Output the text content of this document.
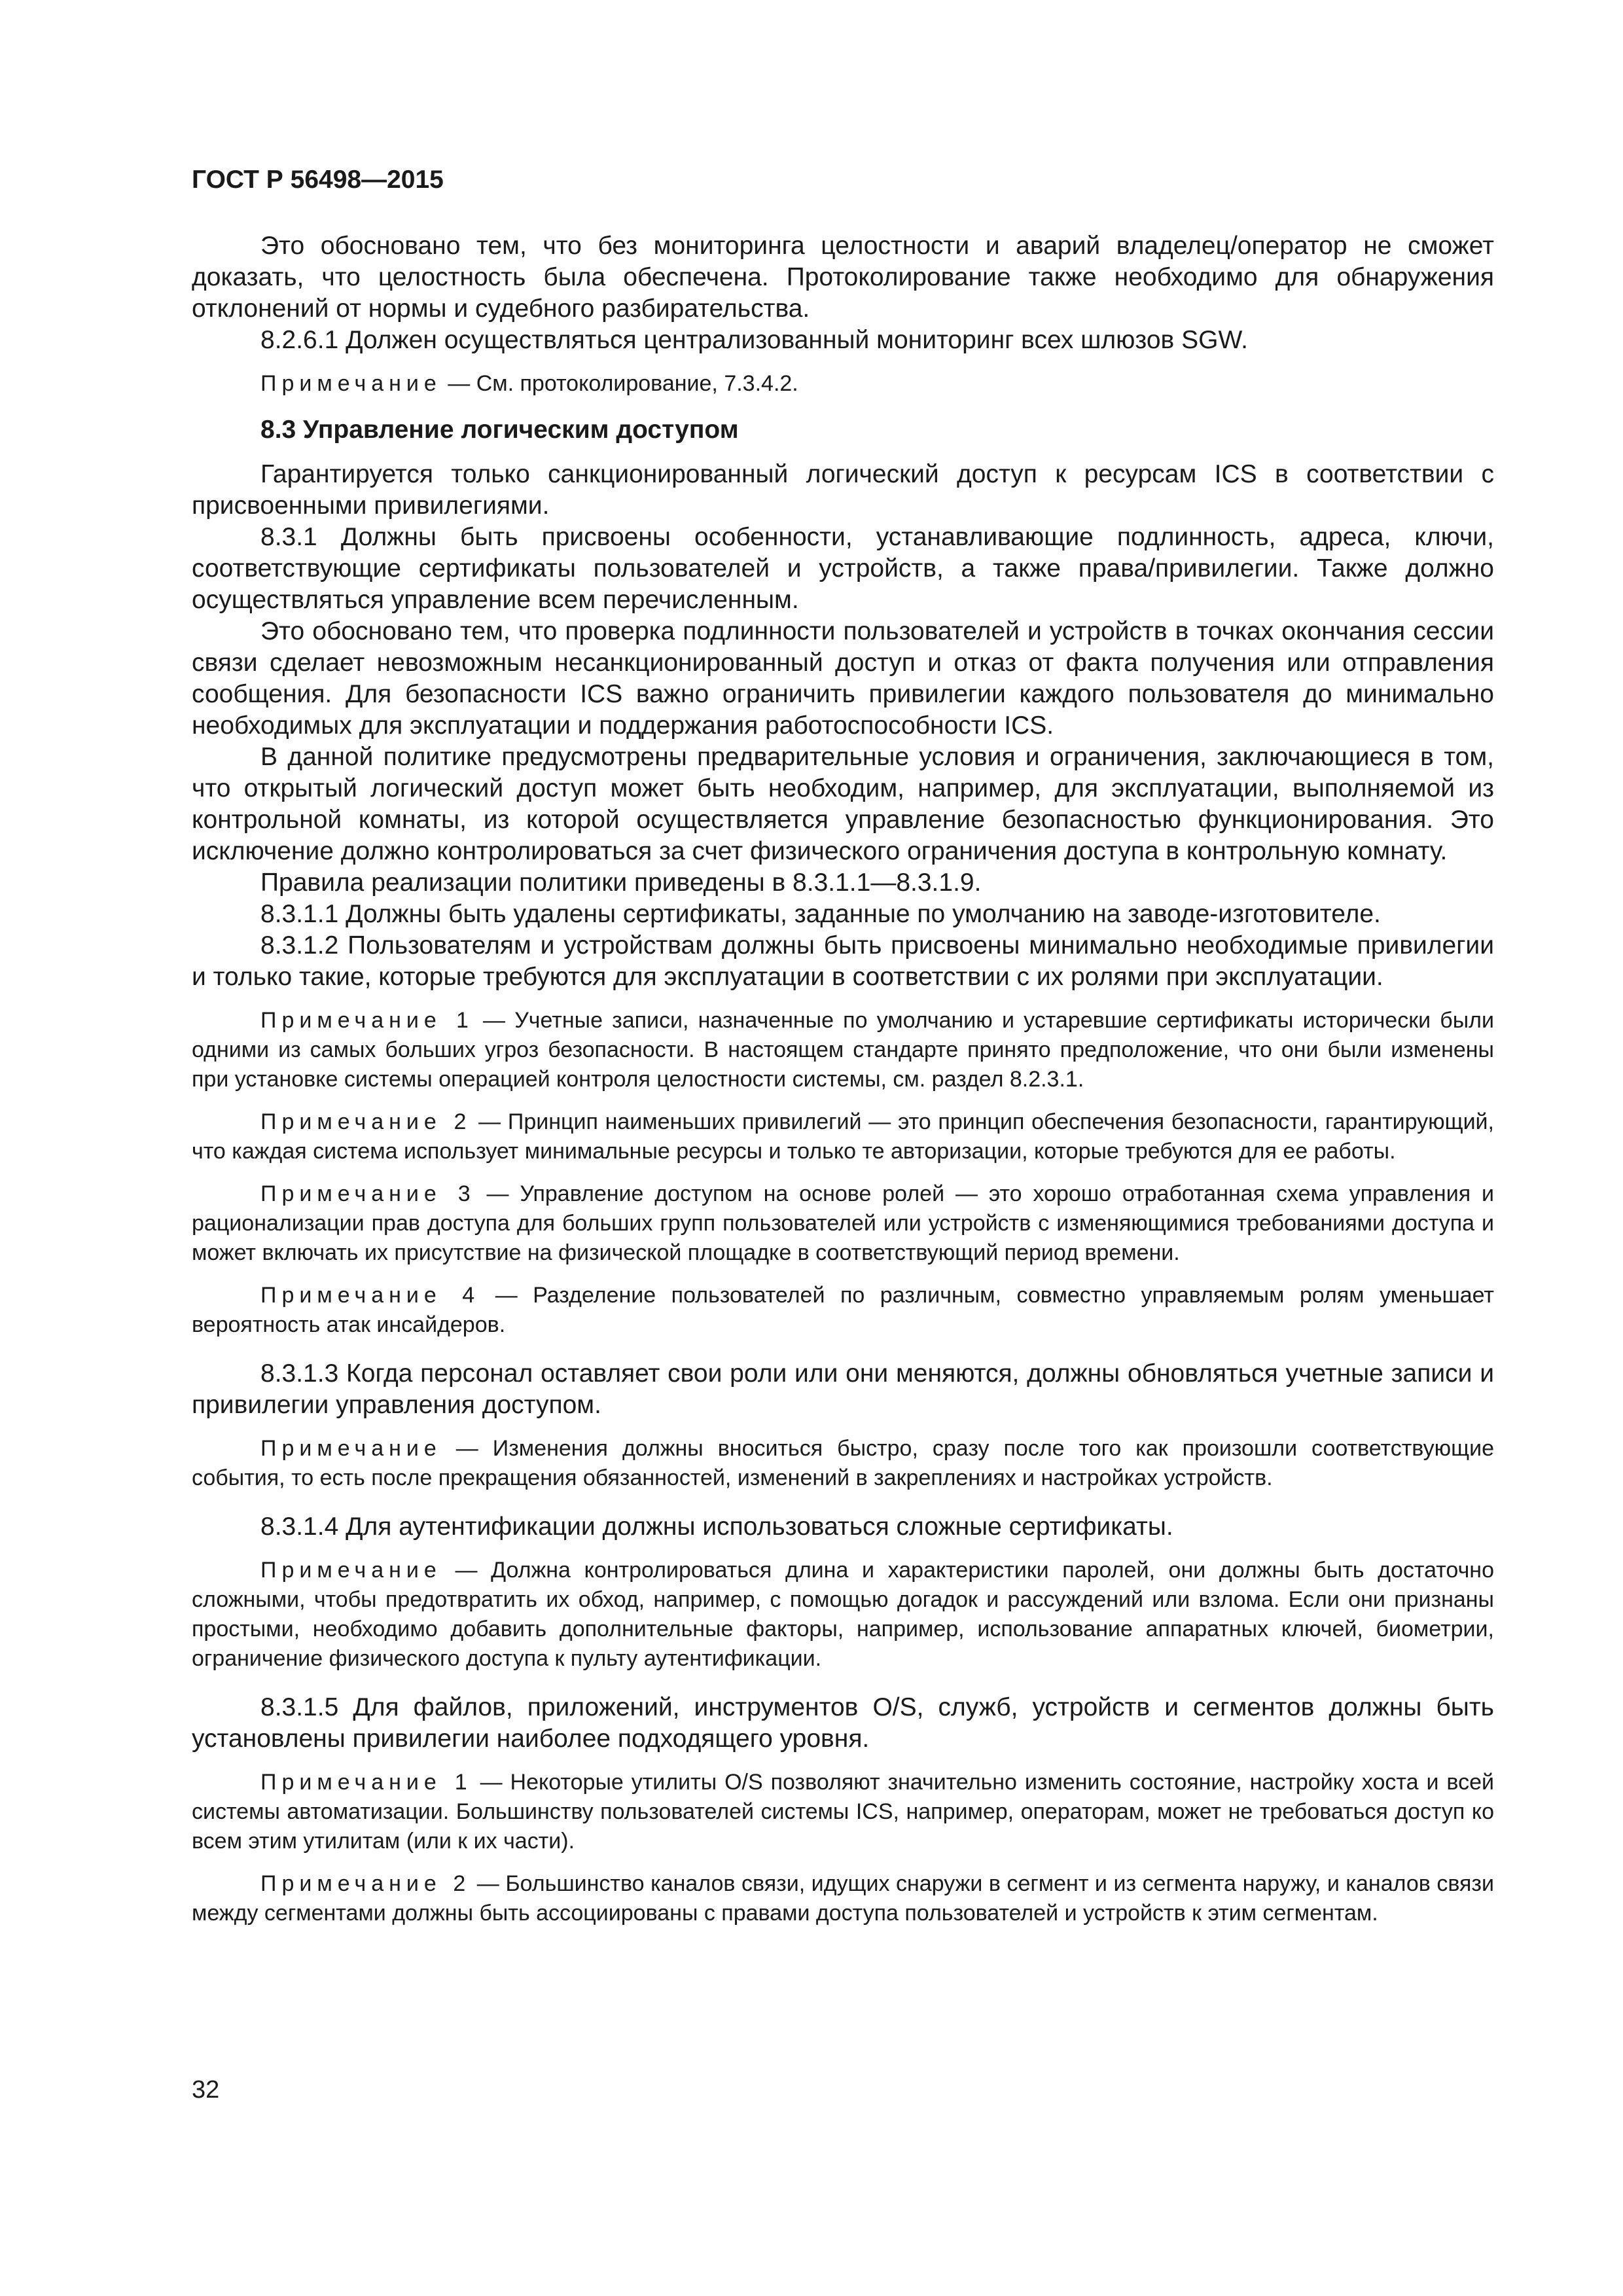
ГОСТ Р 56498—2015

Это обосновано тем, что без мониторинга целостности и аварий владелец/оператор не сможет доказать, что целостность была обеспечена. Протоколирование также необходимо для обнаружения отклонений от нормы и судебного разбирательства.

8.2.6.1 Должен осуществляться централизованный мониторинг всех шлюзов SGW.

Примечание — См. протоколирование, 7.3.4.2.

8.3 Управление логическим доступом

Гарантируется только санкционированный логический доступ к ресурсам ICS в соответствии с присвоенными привилегиями.

8.3.1 Должны быть присвоены особенности, устанавливающие подлинность, адреса, ключи, соответствующие сертификаты пользователей и устройств, а также права/привилегии. Также должно осуществляться управление всем перечисленным.

Это обосновано тем, что проверка подлинности пользователей и устройств в точках окончания сессии связи сделает невозможным несанкционированный доступ и отказ от факта получения или отправления сообщения. Для безопасности ICS важно ограничить привилегии каждого пользователя до минимально необходимых для эксплуатации и поддержания работоспособности ICS.

В данной политике предусмотрены предварительные условия и ограничения, заключающиеся в том, что открытый логический доступ может быть необходим, например, для эксплуатации, выполняемой из контрольной комнаты, из которой осуществляется управление безопасностью функционирования. Это исключение должно контролироваться за счет физического ограничения доступа в контрольную комнату.

Правила реализации политики приведены в 8.3.1.1—8.3.1.9.

8.3.1.1 Должны быть удалены сертификаты, заданные по умолчанию на заводе-изготовителе.

8.3.1.2 Пользователям и устройствам должны быть присвоены минимально необходимые привилегии и только такие, которые требуются для эксплуатации в соответствии с их ролями при эксплуатации.

Примечание 1 — Учетные записи, назначенные по умолчанию и устаревшие сертификаты исторически были одними из самых больших угроз безопасности. В настоящем стандарте принято предположение, что они были изменены при установке системы операцией контроля целостности системы, см. раздел 8.2.3.1.

Примечание 2 — Принцип наименьших привилегий — это принцип обеспечения безопасности, гарантирующий, что каждая система использует минимальные ресурсы и только те авторизации, которые требуются для ее работы.

Примечание 3 — Управление доступом на основе ролей — это хорошо отработанная схема управления и рационализации прав доступа для больших групп пользователей или устройств с изменяющимися требованиями доступа и может включать их присутствие на физической площадке в соответствующий период времени.

Примечание 4 — Разделение пользователей по различным, совместно управляемым ролям уменьшает вероятность атак инсайдеров.

8.3.1.3 Когда персонал оставляет свои роли или они меняются, должны обновляться учетные записи и привилегии управления доступом.

Примечание — Изменения должны вноситься быстро, сразу после того как произошли соответствующие события, то есть после прекращения обязанностей, изменений в закреплениях и настройках устройств.

8.3.1.4 Для аутентификации должны использоваться сложные сертификаты.

Примечание — Должна контролироваться длина и характеристики паролей, они должны быть достаточно сложными, чтобы предотвратить их обход, например, с помощью догадок и рассуждений или взлома. Если они признаны простыми, необходимо добавить дополнительные факторы, например, использование аппаратных ключей, биометрии, ограничение физического доступа к пульту аутентификации.

8.3.1.5 Для файлов, приложений, инструментов O/S, служб, устройств и сегментов должны быть установлены привилегии наиболее подходящего уровня.

Примечание 1 — Некоторые утилиты O/S позволяют значительно изменить состояние, настройку хоста и всей системы автоматизации. Большинству пользователей системы ICS, например, операторам, может не требоваться доступ ко всем этим утилитам (или к их части).

Примечание 2 — Большинство каналов связи, идущих снаружи в сегмент и из сегмента наружу, и каналов связи между сегментами должны быть ассоциированы с правами доступа пользователей и устройств к этим сегментам.

32
